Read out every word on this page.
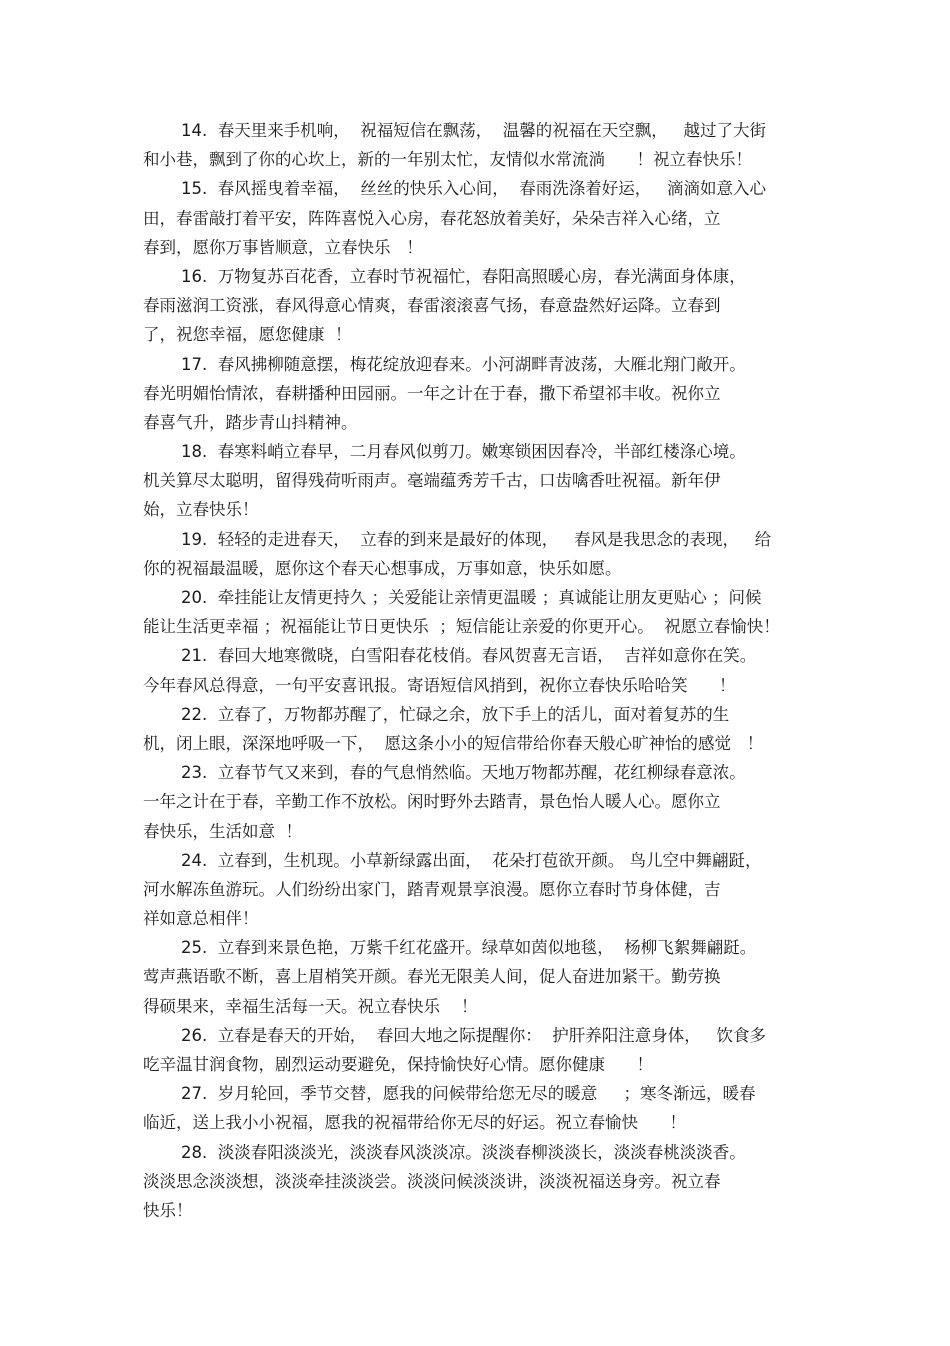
14. 春天里来手机响，  祝福短信在飘荡，  温馨的祝福在天空飘，   越过了大街
和小巷，飘到了你的心坎上，新的一年别太忙，友情似水常流淌      ！祝立春快乐！
15. 春风摇曳着幸福，  丝丝的快乐入心间，  春雨洗涤着好运，   滴滴如意入心
田，春雷敲打着平安，阵阵喜悦入心房，春花怒放着美好，朵朵吉祥入心绪，立
春到，愿你万事皆顺意，立春快乐   ！
16. 万物复苏百花香，立春时节祝福忙，春阳高照暖心房，春光满面身体康，
春雨滋润工资涨，春风得意心情爽，春雷滚滚喜气扬，春意盎然好运降。立春到
了，祝您幸福，愿您健康  ！
17. 春风拂柳随意摆，梅花绽放迎春来。小河湖畔青波荡，大雁北翔门敞开。
春光明媚怡情浓，春耕播种田园丽。一年之计在于春，撒下希望祁丰收。祝你立
春喜气升，踏步青山抖精神。
18. 春寒料峭立春早，二月春风似剪刀。嫩寒锁困因春冷，半部红楼涤心境。
机关算尽太聪明，留得残荷听雨声。毫端蕴秀芳千古，口齿噙香吐祝福。新年伊
始，立春快乐！
19. 轻轻的走进春天，  立春的到来是最好的体现，   春风是我思念的表现，   给
你的祝福最温暖，愿你这个春天心想事成，万事如意，快乐如愿。
20. 牵挂能让友情更持久 ；关爱能让亲情更温暖 ；真诚能让朋友更贴心 ；问候
能让生活更幸福 ；祝福能让节日更快乐  ；短信能让亲爱的你更开心。  祝愿立春愉快！
21. 春回大地寒微晓，白雪阳春花枝俏。春风贺喜无言语，  吉祥如意你在笑。
今年春风总得意，一句平安喜讯报。寄语短信风捎到，祝你立春快乐哈哈笑      ！
22. 立春了，万物都苏醒了，忙碌之余，放下手上的活儿，面对着复苏的生
机，闭上眼，深深地呼吸一下，  愿这条小小的短信带给你春天般心旷神怡的感觉   ！
23. 立春节气又来到，春的气息悄然临。天地万物都苏醒，花红柳绿春意浓。
一年之计在于春，辛勤工作不放松。闲时野外去踏青，景色怡人暖人心。愿你立
春快乐，生活如意  ！
24. 立春到，生机现。小草新绿露出面，  花朵打苞欲开颜。 鸟儿空中舞翩跹，
河水解冻鱼游玩。人们纷纷出家门，踏青观景享浪漫。愿你立春时节身体健，吉
祥如意总相伴！
25. 立春到来景色艳，万紫千红花盛开。绿草如茵似地毯，  杨柳飞絮舞翩跹。
莺声燕语歌不断，喜上眉梢笑开颜。春光无限美人间，促人奋进加紧干。勤劳换
得硕果来，幸福生活每一天。祝立春快乐    ！
26. 立春是春天的开始，  春回大地之际提醒你：  护肝养阳注意身体，   饮食多
吃辛温甘润食物，剧烈运动要避免，保持愉快好心情。愿你健康      ！
27. 岁月轮回，季节交替，愿我的问候带给您无尽的暖意     ；寒冬渐远，暖春
临近，送上我小小祝福，愿我的祝福带给你无尽的好运。祝立春愉快      ！
28. 淡淡春阳淡淡光，淡淡春风淡淡凉。淡淡春柳淡淡长，淡淡春桃淡淡香。
淡淡思念淡淡想，淡淡牵挂淡淡尝。淡淡问候淡淡讲，淡淡祝福送身旁。祝立春
快乐！
